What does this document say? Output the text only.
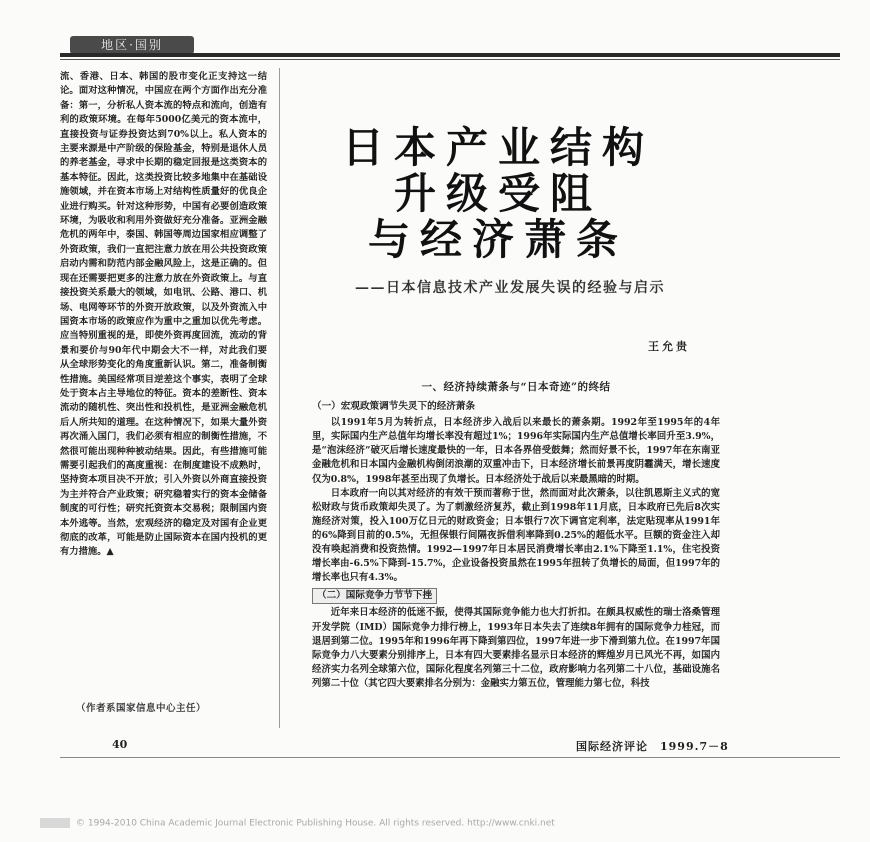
地区·国别

流、香港、日本、韩国的股市变化正支持这一结论。面对这种情况，中国应在两个方面作出充分准备：第一，分析私人资本流的特点和流向，创造有利的政策环境。在每年5000亿美元的资本流中，直接投资与证券投资达到70%以上。私人资本的主要来源是中产阶级的保险基金，特别是退休人员的养老基金，寻求中长期的稳定回报是这类资本的基本特征。因此，这类投资比较多地集中在基础设施领域，并在资本市场上对结构性质量好的优良企业进行购买。针对这种形势，中国有必要创造政策环境，为吸收和利用外资做好充分准备。亚洲金融危机的两年中，泰国、韩国等周边国家相应调整了外资政策，我们一直把注意力放在用公共投资政策启动内需和防范内部金融风险上，这是正确的。但现在还需要把更多的注意力放在外资政策上。与直接投资关系最大的领域，如电讯、公路、港口、机场、电网等环节的外资开放政策，以及外资流入中国资本市场的政策应作为重中之重加以优先考虑。应当特别重视的是，即使外资再度回流，流动的背景和要价与90年代中期会大不一样，对此我们要从全球形势变化的角度重新认识。第二，准备制衡性措施。美国经常项目逆差这个事实，表明了全球处于资本占主导地位的特征。资本的差断性、资本流动的随机性、突出性和投机性，是亚洲金融危机后人所共知的道理。在这种情况下，如果大量外资再次涌入国门，我们必须有相应的制衡性措施，不然很可能出现种种被动结果。因此，有些措施可能需要引起我们的高度重视：在制度建设不成熟时，坚持资本项目决不开放；引入外资以外商直接投资为主并符合产业政策；研究稳着实行的资本金储备制度的可行性；研究托资资本交易税；限制国内资本外逃等。当然，宏观经济的稳定及对国有企业更彻底的改革，可能是防止国际资本在国内投机的更有力措施。▲

（作者系国家信息中心主任）
日本产业结构
升级受阻
与经济萧条
——日本信息技术产业发展失误的经验与启示
王允贵
一、经济持续萧条与“日本奇迹”的终结
（一）宏观政策调节失灵下的经济萧条

以1991年5月为转折点，日本经济步入战后以来最长的萧条期。1992年至1995年的4年里，实际国内生产总值年均增长率没有超过1%；1996年实际国内生产总值增长率回升至3.9%，是“泡沫经济”破灭后增长速度最快的一年，日本各界倍受鼓舞；然而好景不长，1997年在东南亚金融危机和日本国内金融机构倒闭浪潮的双重冲击下，日本经济增长前景再度阴霾满天，增长速度仅为0.8%，1998年甚至出现了负增长。日本经济处于战后以来最黑暗的时期。

日本政府一向以其对经济的有效干预而著称于世，然而面对此次萧条，以往凯恩斯主义式的宽松财政与货币政策却失灵了。为了刺激经济复苏，截止到1998年11月底，日本政府已先后8次实施经济对策，投入100万亿日元的财政资金；日本银行7次下调官定利率，法定贴现率从1991年的6%降到目前的0.5%，无担保银行间隔夜拆借利率降到0.25%的超低水平。巨额的资金注入却没有唤起消费和投资热情。1992—1997年日本居民消费增长率由2.1%下降至1.1%，住宅投资增长率由-6.5%下降到-15.7%，企业设备投资虽然在1995年扭转了负增长的局面，但1997年的增长率也只有4.3%。

（二）国际竞争力节节下挫

近年来日本经济的低迷不振，使得其国际竞争能力也大打折扣。在颇具权威性的瑞士洛桑管理开发学院（IMD）国际竞争力排行榜上，1993年日本失去了连续8年拥有的国际竞争力桂冠，而退居到第二位。1995年和1996年再下降到第四位，1997年进一步下滑到第九位。在1997年国际竞争力八大要素分别排序上，日本有四大要素排名显示日本经济的辉煌岁月已风光不再，如国内经济实力名列全球第六位，国际化程度名列第三十二位，政府影响力名列第二十八位，基础设施名列第二十位（其它四大要素排名分别为：金融实力第五位，管理能力第七位，科技

40	国际经济评论　1999.7－8
© 1994-2010 China Academic Journal Electronic Publishing House. All rights reserved. http://www.cnki.net
